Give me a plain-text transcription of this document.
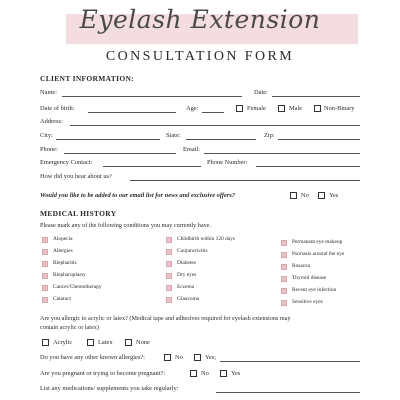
Eyelash Extension
CONSULTATION FORM
CLIENT INFORMATION:
Name:	Date:
Date of birth:	Age:	Female	Male	Non-Binary
Address:
City:	State:	Zip:
Phone:	Email:
Emergency Contact:	Phone Number:
How did you hear about us?
Would you like to be added to our email list for news and exclusive offers?	No	Yes
MEDICAL HISTORY
Please mark any of the following conditions you may currently have.
Alopecia
Allergies
Blepharitis
Blepharoplasty
Cancer/Chemotherapy
Cataract
Childbirth within 120 days
Conjunctivitis
Diabetes
Dry eyes
Eczema
Glaucoma
Permanent eye makeup
Psoriasis around the eye
Rosacea
Thyroid disease
Recent eye infection
Sensitive eyes
Are you allergic to acrylic or latex? (Medical tape and adhesives required for eyelash extensions may
contain acrylic or latex)
Acrylic	Latex	None
Do you have any other known allergies?:	No	Yes;
Are you pregnant or trying to become pregnant?:	No	Yes
List any medications/ supplements you take regularly:
